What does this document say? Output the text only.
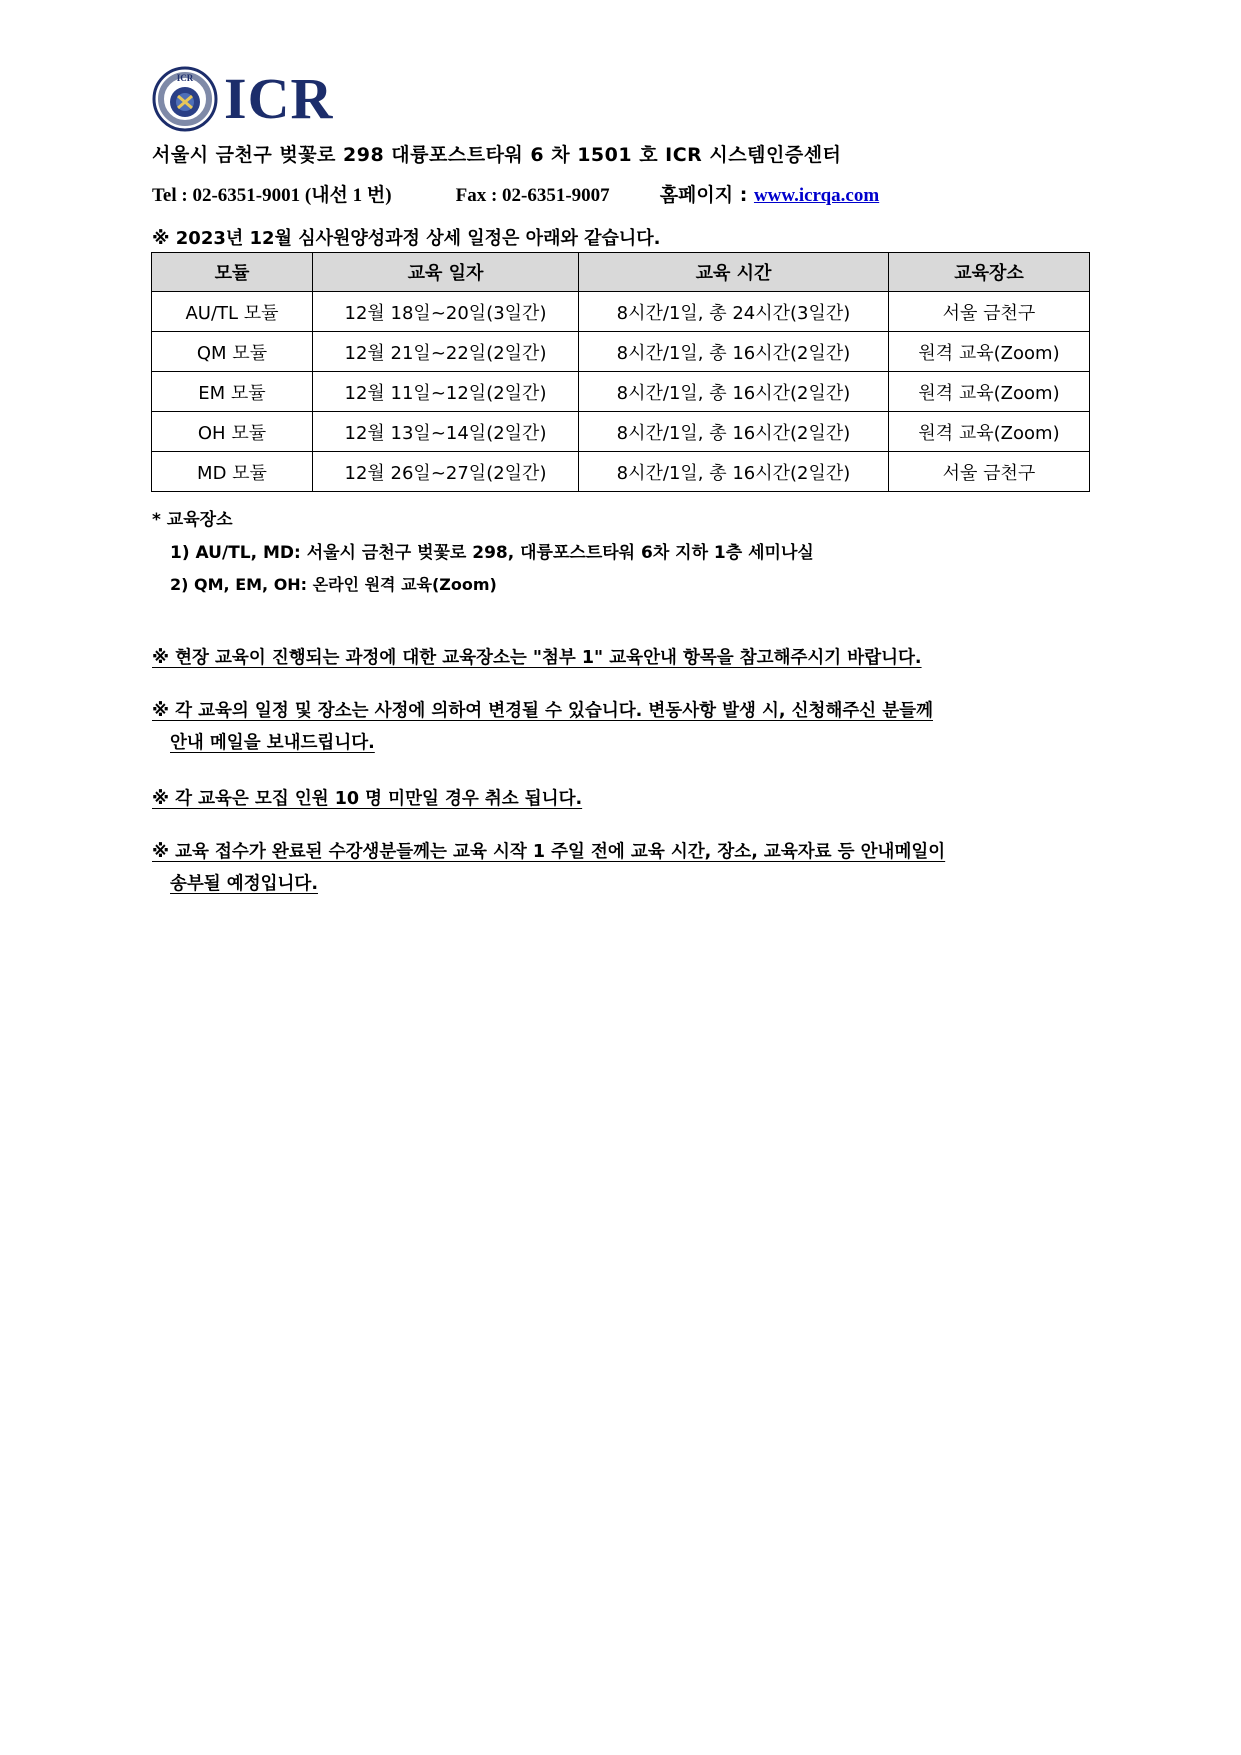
ICR ICR
서울시 금천구 벚꽃로 298 대륭포스트타워 6 차 1501 호 ICR 시스템인증센터
Tel : 02-6351-9001 (내선 1 번)	Fax : 02-6351-9007	홈페이지 : www.icrqa.com
※ 2023년 12월 심사원양성과정 상세 일정은 아래와 같습니다.
모듈	교육 일자	교육 시간	교육장소
AU/TL 모듈	12월 18일~20일(3일간)	8시간/1일, 총 24시간(3일간)	서울 금천구
QM 모듈	12월 21일~22일(2일간)	8시간/1일, 총 16시간(2일간)	원격 교육(Zoom)
EM 모듈	12월 11일~12일(2일간)	8시간/1일, 총 16시간(2일간)	원격 교육(Zoom)
OH 모듈	12월 13일~14일(2일간)	8시간/1일, 총 16시간(2일간)	원격 교육(Zoom)
MD 모듈	12월 26일~27일(2일간)	8시간/1일, 총 16시간(2일간)	서울 금천구
* 교육장소
1) AU/TL, MD: 서울시 금천구 벚꽃로 298, 대륭포스트타워 6차 지하 1층 세미나실
2) QM, EM, OH: 온라인 원격 교육(Zoom)
※ 현장 교육이 진행되는 과정에 대한 교육장소는 "첨부 1" 교육안내 항목을 참고해주시기 바랍니다.
※ 각 교육의 일정 및 장소는 사정에 의하여 변경될 수 있습니다. 변동사항 발생 시, 신청해주신 분들께
안내 메일을 보내드립니다.
※ 각 교육은 모집 인원 10 명 미만일 경우 취소 됩니다.
※ 교육 접수가 완료된 수강생분들께는 교육 시작 1 주일 전에 교육 시간, 장소, 교육자료 등 안내메일이
송부될 예정입니다.
